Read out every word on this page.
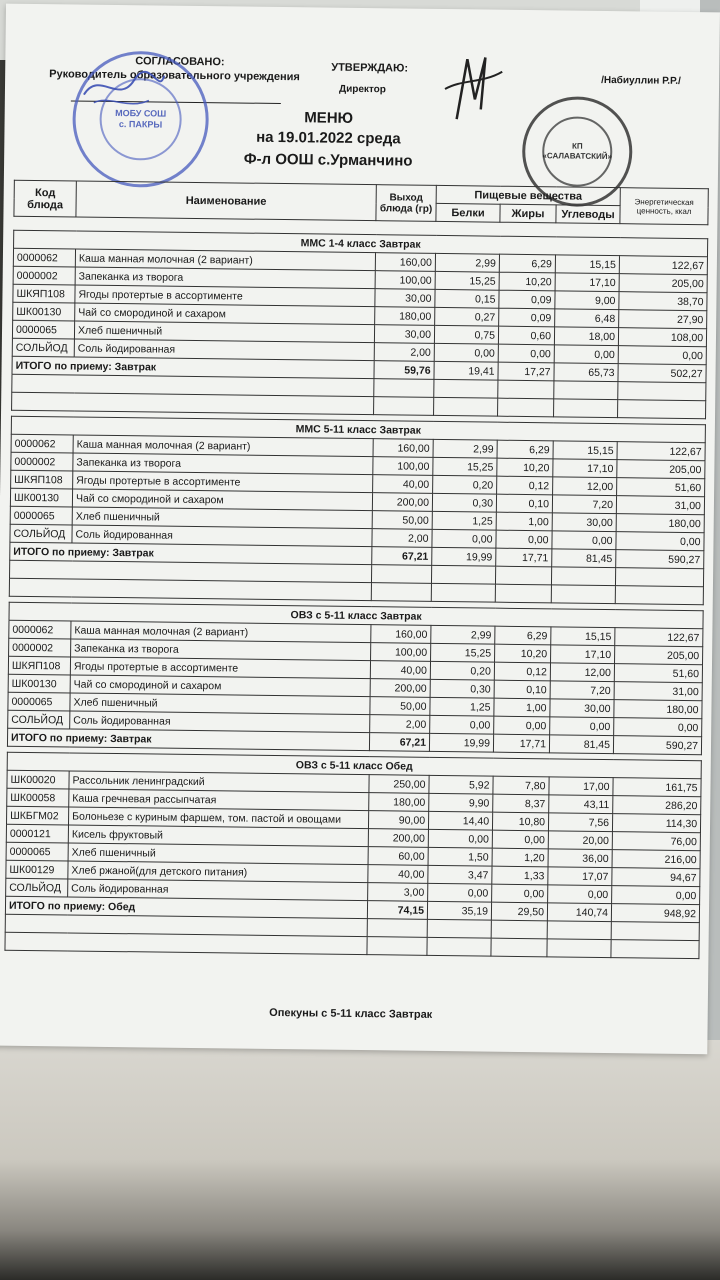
СОГЛАСОВАНО:
Руководитель образовательного учреждения
УТВЕРЖДАЮ:
Директор
/Набиуллин Р.Р./
МОБУ СОШ
с. ПАКРЫ
КП
«САЛАВАТСКИЙ»
МЕНЮ
на 19.01.2022 среда
Ф-л ООШ с.Урманчино
Код блюда	Наименование	Выход блюда (гр)	Пищевые вещества			Энергетическая ценность, ккал
			Белки	Жиры	Углеводы	
ММС 1-4 класс Завтрак						
0000062	Каша манная молочная (2 вариант)	160,00	2,99	6,29	15,15	122,67
0000002	Запеканка из творога	100,00	15,25	10,20	17,10	205,00
ШКЯП108	Ягоды протертые в ассортименте	30,00	0,15	0,09	9,00	38,70
ШК00130	Чай со смородиной и сахаром	180,00	0,27	0,09	6,48	27,90
0000065	Хлеб пшеничный	30,00	0,75	0,60	18,00	108,00
СОЛЬЙОД	Соль йодированная	2,00	0,00	0,00	0,00	0,00
ИТОГО по приему: Завтрак		59,76	19,41	17,27	65,73	502,27

ММС 5-11 класс Завтрак						
0000062	Каша манная молочная (2 вариант)	160,00	2,99	6,29	15,15	122,67
0000002	Запеканка из творога	100,00	15,25	10,20	17,10	205,00
ШКЯП108	Ягоды протертые в ассортименте	40,00	0,20	0,12	12,00	51,60
ШК00130	Чай со смородиной и сахаром	200,00	0,30	0,10	7,20	31,00
0000065	Хлеб пшеничный	50,00	1,25	1,00	30,00	180,00
СОЛЬЙОД	Соль йодированная	2,00	0,00	0,00	0,00	0,00
ИТОГО по приему: Завтрак		67,21	19,99	17,71	81,45	590,27

ОВЗ с 5-11 класс Завтрак						
0000062	Каша манная молочная (2 вариант)	160,00	2,99	6,29	15,15	122,67
0000002	Запеканка из творога	100,00	15,25	10,20	17,10	205,00
ШКЯП108	Ягоды протертые в ассортименте	40,00	0,20	0,12	12,00	51,60
ШК00130	Чай со смородиной и сахаром	200,00	0,30	0,10	7,20	31,00
0000065	Хлеб пшеничный	50,00	1,25	1,00	30,00	180,00
СОЛЬЙОД	Соль йодированная	2,00	0,00	0,00	0,00	0,00
ИТОГО по приему: Завтрак		67,21	19,99	17,71	81,45	590,27
ОВЗ с 5-11 класс Обед						
ШК00020	Рассольник ленинградский	250,00	5,92	7,80	17,00	161,75
ШК00058	Каша гречневая рассыпчатая	180,00	9,90	8,37	43,11	286,20
ШКБГМ02	Болоньезе с куриным фаршем, том. пастой и овощами	90,00	14,40	10,80	7,56	114,30
0000121	Кисель фруктовый	200,00	0,00	0,00	20,00	76,00
0000065	Хлеб пшеничный	60,00	1,50	1,20	36,00	216,00
ШК00129	Хлеб ржаной(для детского питания)	40,00	3,47	1,33	17,07	94,67
СОЛЬЙОД	Соль йодированная	3,00	0,00	0,00	0,00	0,00
ИТОГО по приему: Обед		74,15	35,19	29,50	140,74	948,92

Опекуны с 5-11 класс Завтрак
